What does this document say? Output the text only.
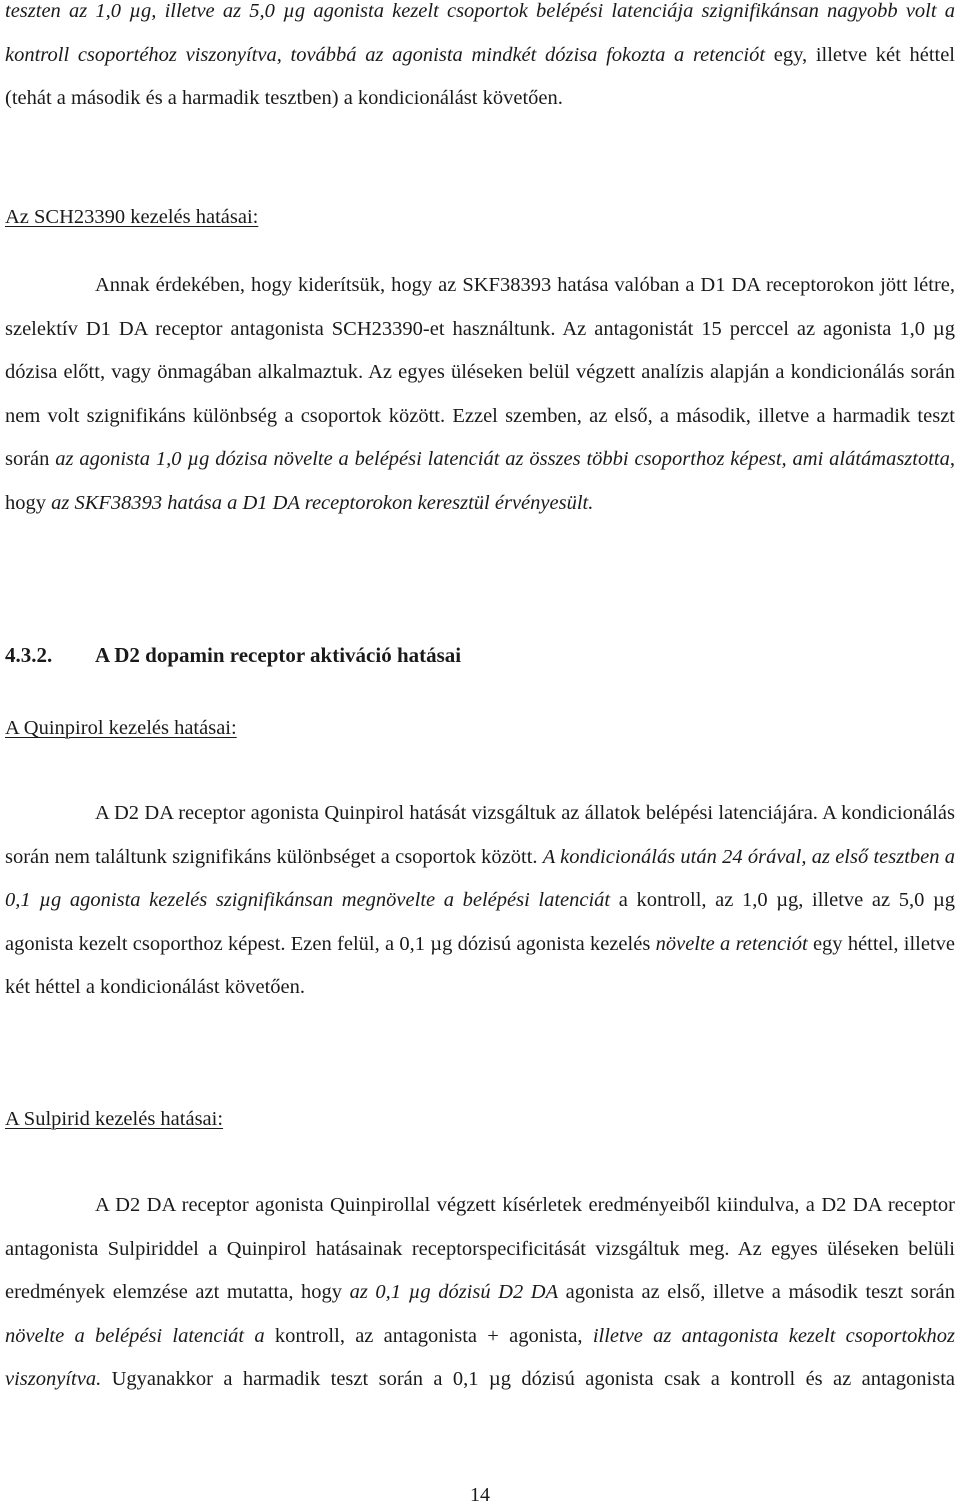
teszten az 1,0 µg, illetve az 5,0 µg agonista kezelt csoportok belépési latenciája szignifikánsan nagyobb volt a kontroll csoportéhoz viszonyítva, továbbá az agonista mindkét dózisa fokozta a retenciót egy, illetve két héttel (tehát a második és a harmadik tesztben) a kondicionálást követően.

Az SCH23390 kezelés hatásai:

Annak érdekében, hogy kiderítsük, hogy az SKF38393 hatása valóban a D1 DA receptorokon jött létre, szelektív D1 DA receptor antagonista SCH23390-et használtunk. Az antagonistát 15 perccel az agonista 1,0 µg dózisa előtt, vagy önmagában alkalmaztuk. Az egyes üléseken belül végzett analízis alapján a kondicionálás során nem volt szignifikáns különbség a csoportok között. Ezzel szemben, az első, a második, illetve a harmadik teszt során az agonista 1,0 µg dózisa növelte a belépési latenciát az összes többi csoporthoz képest, ami alátámasztotta, hogy az SKF38393 hatása a D1 DA receptorokon keresztül érvényesült.

4.3.2. A D2 dopamin receptor aktiváció hatásai

A Quinpirol kezelés hatásai:

A D2 DA receptor agonista Quinpirol hatását vizsgáltuk az állatok belépési latenciájára. A kondicionálás során nem találtunk szignifikáns különbséget a csoportok között. A kondicionálás után 24 órával, az első tesztben a 0,1 µg agonista kezelés szignifikánsan megnövelte a belépési latenciát a kontroll, az 1,0 µg, illetve az 5,0 µg agonista kezelt csoporthoz képest. Ezen felül, a 0,1 µg dózisú agonista kezelés növelte a retenciót egy héttel, illetve két héttel a kondicionálást követően.

A Sulpirid kezelés hatásai:

A D2 DA receptor agonista Quinpirollal végzett kísérletek eredményeiből kiindulva, a D2 DA receptor antagonista Sulpiriddel a Quinpirol hatásainak receptorspecificitását vizsgáltuk meg. Az egyes üléseken belüli eredmények elemzése azt mutatta, hogy az 0,1 µg dózisú D2 DA agonista az első, illetve a második teszt során növelte a belépési latenciát a kontroll, az antagonista + agonista, illetve az antagonista kezelt csoportokhoz viszonyítva. Ugyanakkor a harmadik teszt során a 0,1 µg dózisú agonista csak a kontroll és az antagonista

14
